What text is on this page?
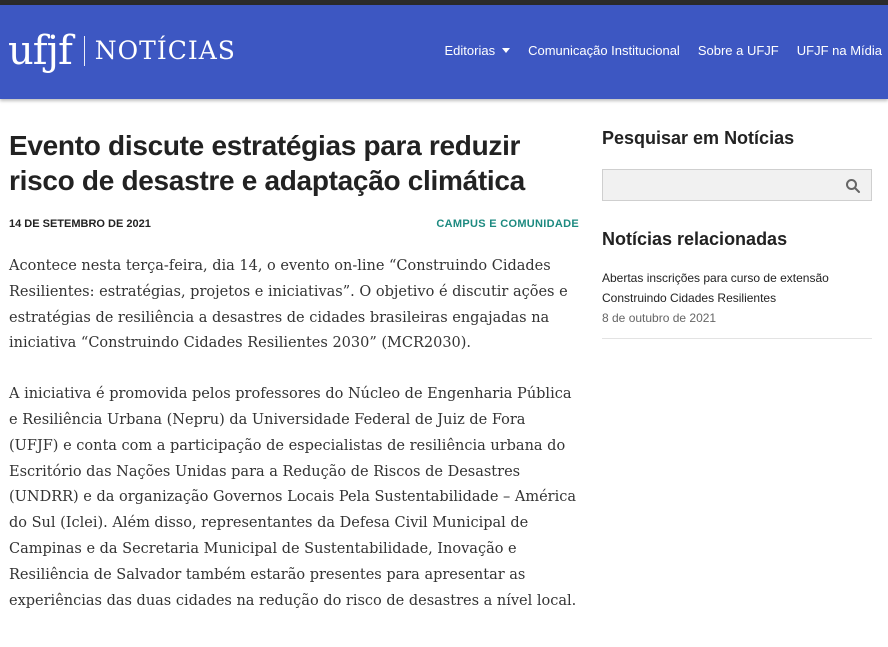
ufjf NOTÍCIAS	Editorias	Comunicação Institucional Sobre a UFJF UFJF na Mídia
Evento discute estratégias para reduzir risco de desastre e adaptação climática
14 DE SETEMBRO DE 2021	CAMPUS E COMUNIDADE

Acontece nesta terça-feira, dia 14, o evento on-line “Construindo Cidades Resilientes: estratégias, projetos e iniciativas”. O objetivo é discutir ações e estratégias de resiliência a desastres de cidades brasileiras engajadas na iniciativa “Construindo Cidades Resilientes 2030” (MCR2030).

A iniciativa é promovida pelos professores do Núcleo de Engenharia Pública e Resiliência Urbana (Nepru) da Universidade Federal de Juiz de Fora (UFJF) e conta com a participação de especialistas de resiliência urbana do Escritório das Nações Unidas para a Redução de Riscos de Desastres (UNDRR) e da organização Governos Locais Pela Sustentabilidade – América do Sul (Iclei). Além disso, representantes da Defesa Civil Municipal de Campinas e da Secretaria Municipal de Sustentabilidade, Inovação e Resiliência de Salvador também estarão presentes para apresentar as experiências das duas cidades na redução do risco de desastres a nível local.

Pesquisar em Notícias
Notícias relacionadas
Abertas inscrições para curso de extensão Construindo Cidades Resilientes
8 de outubro de 2021
